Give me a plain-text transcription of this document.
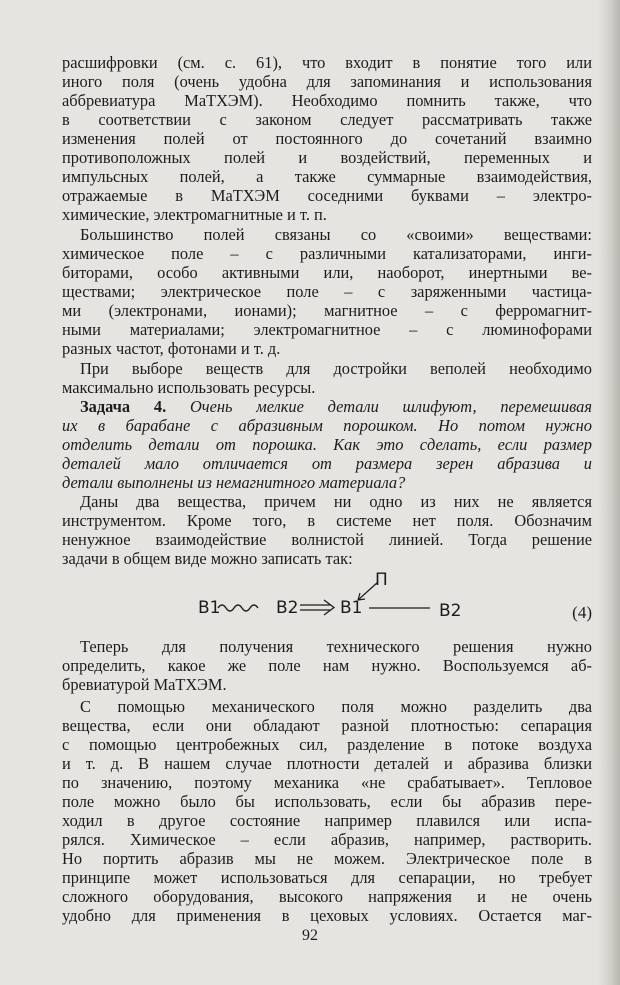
расшифровки (см. с. 61), что входит в понятие того или
иного поля (очень удобна для запоминания и использования
аббревиатура МаТХЭМ). Необходимо помнить также, что
в соответствии с законом следует рассматривать также
изменения полей от постоянного до сочетаний взаимно
противоположных полей и воздействий, переменных и
импульсных полей, а также суммарные взаимодействия,
отражаемые в МаТХЭМ соседними буквами – электро-
химические, электромагнитные и т. п.
Большинство полей связаны со «своими» веществами:
химическое поле – с различными катализаторами, инги-
биторами, особо активными или, наоборот, инертными ве-
ществами; электрическое поле – с заряженными частица-
ми (электронами, ионами); магнитное – с ферромагнит-
ными материалами; электромагнитное – с люминофорами
разных частот, фотонами и т. д.
При выборе веществ для достройки веполей необходимо
максимально использовать ресурсы.
Задача 4. Очень мелкие детали шлифуют, перемешивая
их в барабане с абразивным порошком. Но потом нужно
отделить детали от порошка. Как это сделать, если размер
деталей мало отличается от размера зерен абразива и
детали выполнены из немагнитного материала?
Даны два вещества, причем ни одно из них не является
инструментом. Кроме того, в системе нет поля. Обозначим
ненужное взаимодействие волнистой линией. Тогда решение
задачи в общем виде можно записать так:
В1	В2 В1	В2
П
(4)
Теперь для получения технического решения нужно
определить, какое же поле нам нужно. Воспользуемся аб-
бревиатурой МаТХЭМ.
С помощью механического поля можно разделить два
вещества, если они обладают разной плотностью: сепарация
с помощью центробежных сил, разделение в потоке воздуха
и т. д. В нашем случае плотности деталей и абразива близки
по значению, поэтому механика «не срабатывает». Тепловое
поле можно было бы использовать, если бы абразив пере-
ходил в другое состояние например плавился или испа-
рялся. Химическое – если абразив, например, растворить.
Но портить абразив мы не можем. Электрическое поле в
принципе может использоваться для сепарации, но требует
сложного оборудования, высокого напряжения и не очень
удобно для применения в цеховых условиях. Остается маг-
92
